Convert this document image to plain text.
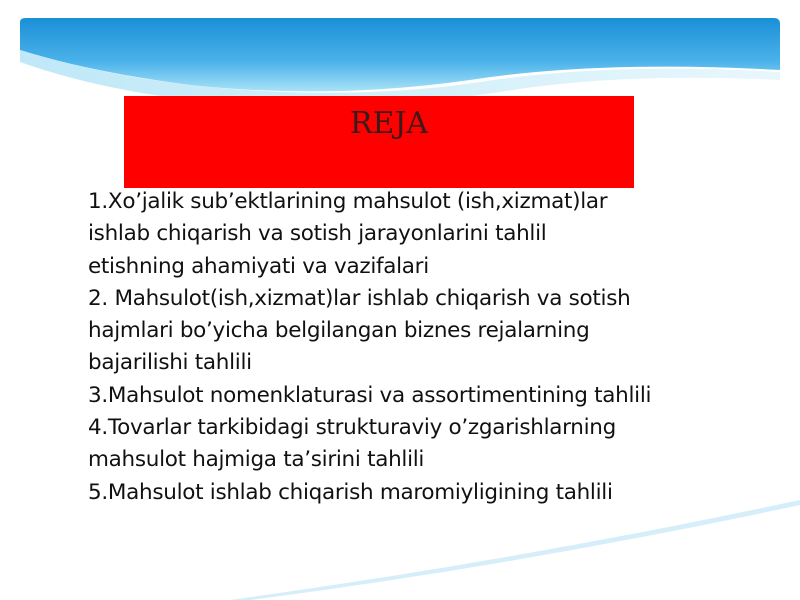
REJA

1.Xo’jalik sub’ektlarining mahsulot (ish,xizmat)lar

ishlab chiqarish va sotish jarayonlarini tahlil

etishning ahamiyati va vazifalari

2. Mahsulot(ish,xizmat)lar ishlab chiqarish va sotish

hajmlari bo’yicha belgilangan biznes rejalarning

bajarilishi tahlili

3.Mahsulot nomenklaturasi va assortimentining tahlili

4.Tovarlar tarkibidagi strukturaviy o’zgarishlarning

mahsulot hajmiga ta’sirini tahlili

5.Mahsulot ishlab chiqarish maromiyligining tahlili
